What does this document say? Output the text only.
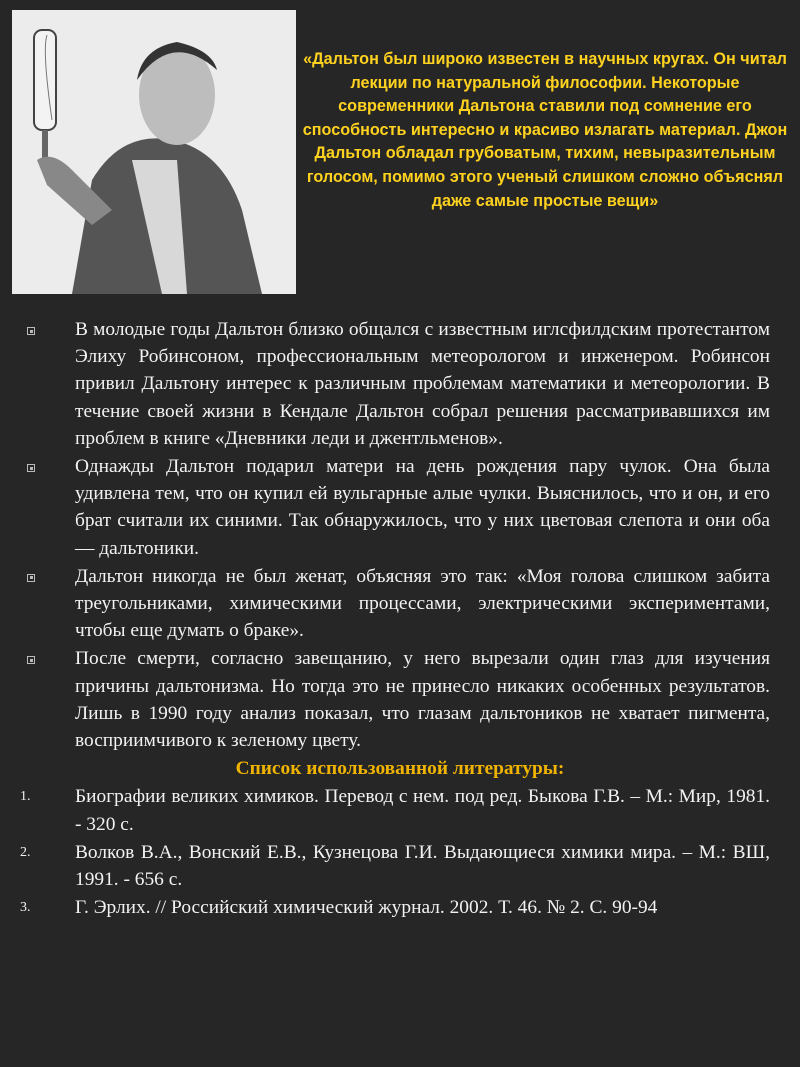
«Дальтон был широко известен в научных кругах. Он читал лекции по натуральной философии. Некоторые современники Дальтона ставили под сомнение его способность интересно и красиво излагать материал. Джон Дальтон обладал грубоватым, тихим, невыразительным голосом, помимо этого ученый слишком сложно объяснял даже самые простые вещи»
В молодые годы Дальтон близко общался с известным иглсфилдским протестантом Элиху Робинсоном, профессиональным метеорологом и инженером. Робинсон привил Дальтону интерес к различным проблемам математики и метеорологии. В течение своей жизни в Кендале Дальтон собрал решения рассматривавшихся им проблем в книге «Дневники леди и джентльменов».
Однажды Дальтон подарил матери на день рождения пару чулок. Она была удивлена тем, что он купил ей вульгарные алые чулки. Выяснилось, что и он, и его брат считали их синими. Так обнаружилось, что у них цветовая слепота и они оба — дальтоники.
Дальтон никогда не был женат, объясняя это так: «Моя голова слишком забита треугольниками, химическими процессами, электрическими экспериментами, чтобы еще думать о браке».
После смерти, согласно завещанию, у него вырезали один глаз для изучения причины дальтонизма. Но тогда это не принесло никаких особенных результатов. Лишь в 1990 году анализ показал, что глазам дальтоников не хватает пигмента, восприимчивого к зеленому цвету.
Список использованной литературы:
1. Биографии великих химиков. Перевод с нем. под ред. Быкова Г.В. – М.: Мир, 1981. - 320 с.
2. Волков В.А., Вонский Е.В., Кузнецова Г.И. Выдающиеся химики мира. – М.: ВШ, 1991. - 656 с.
3. Г. Эрлих. // Российский химический журнал. 2002. Т. 46. № 2. С. 90-94
